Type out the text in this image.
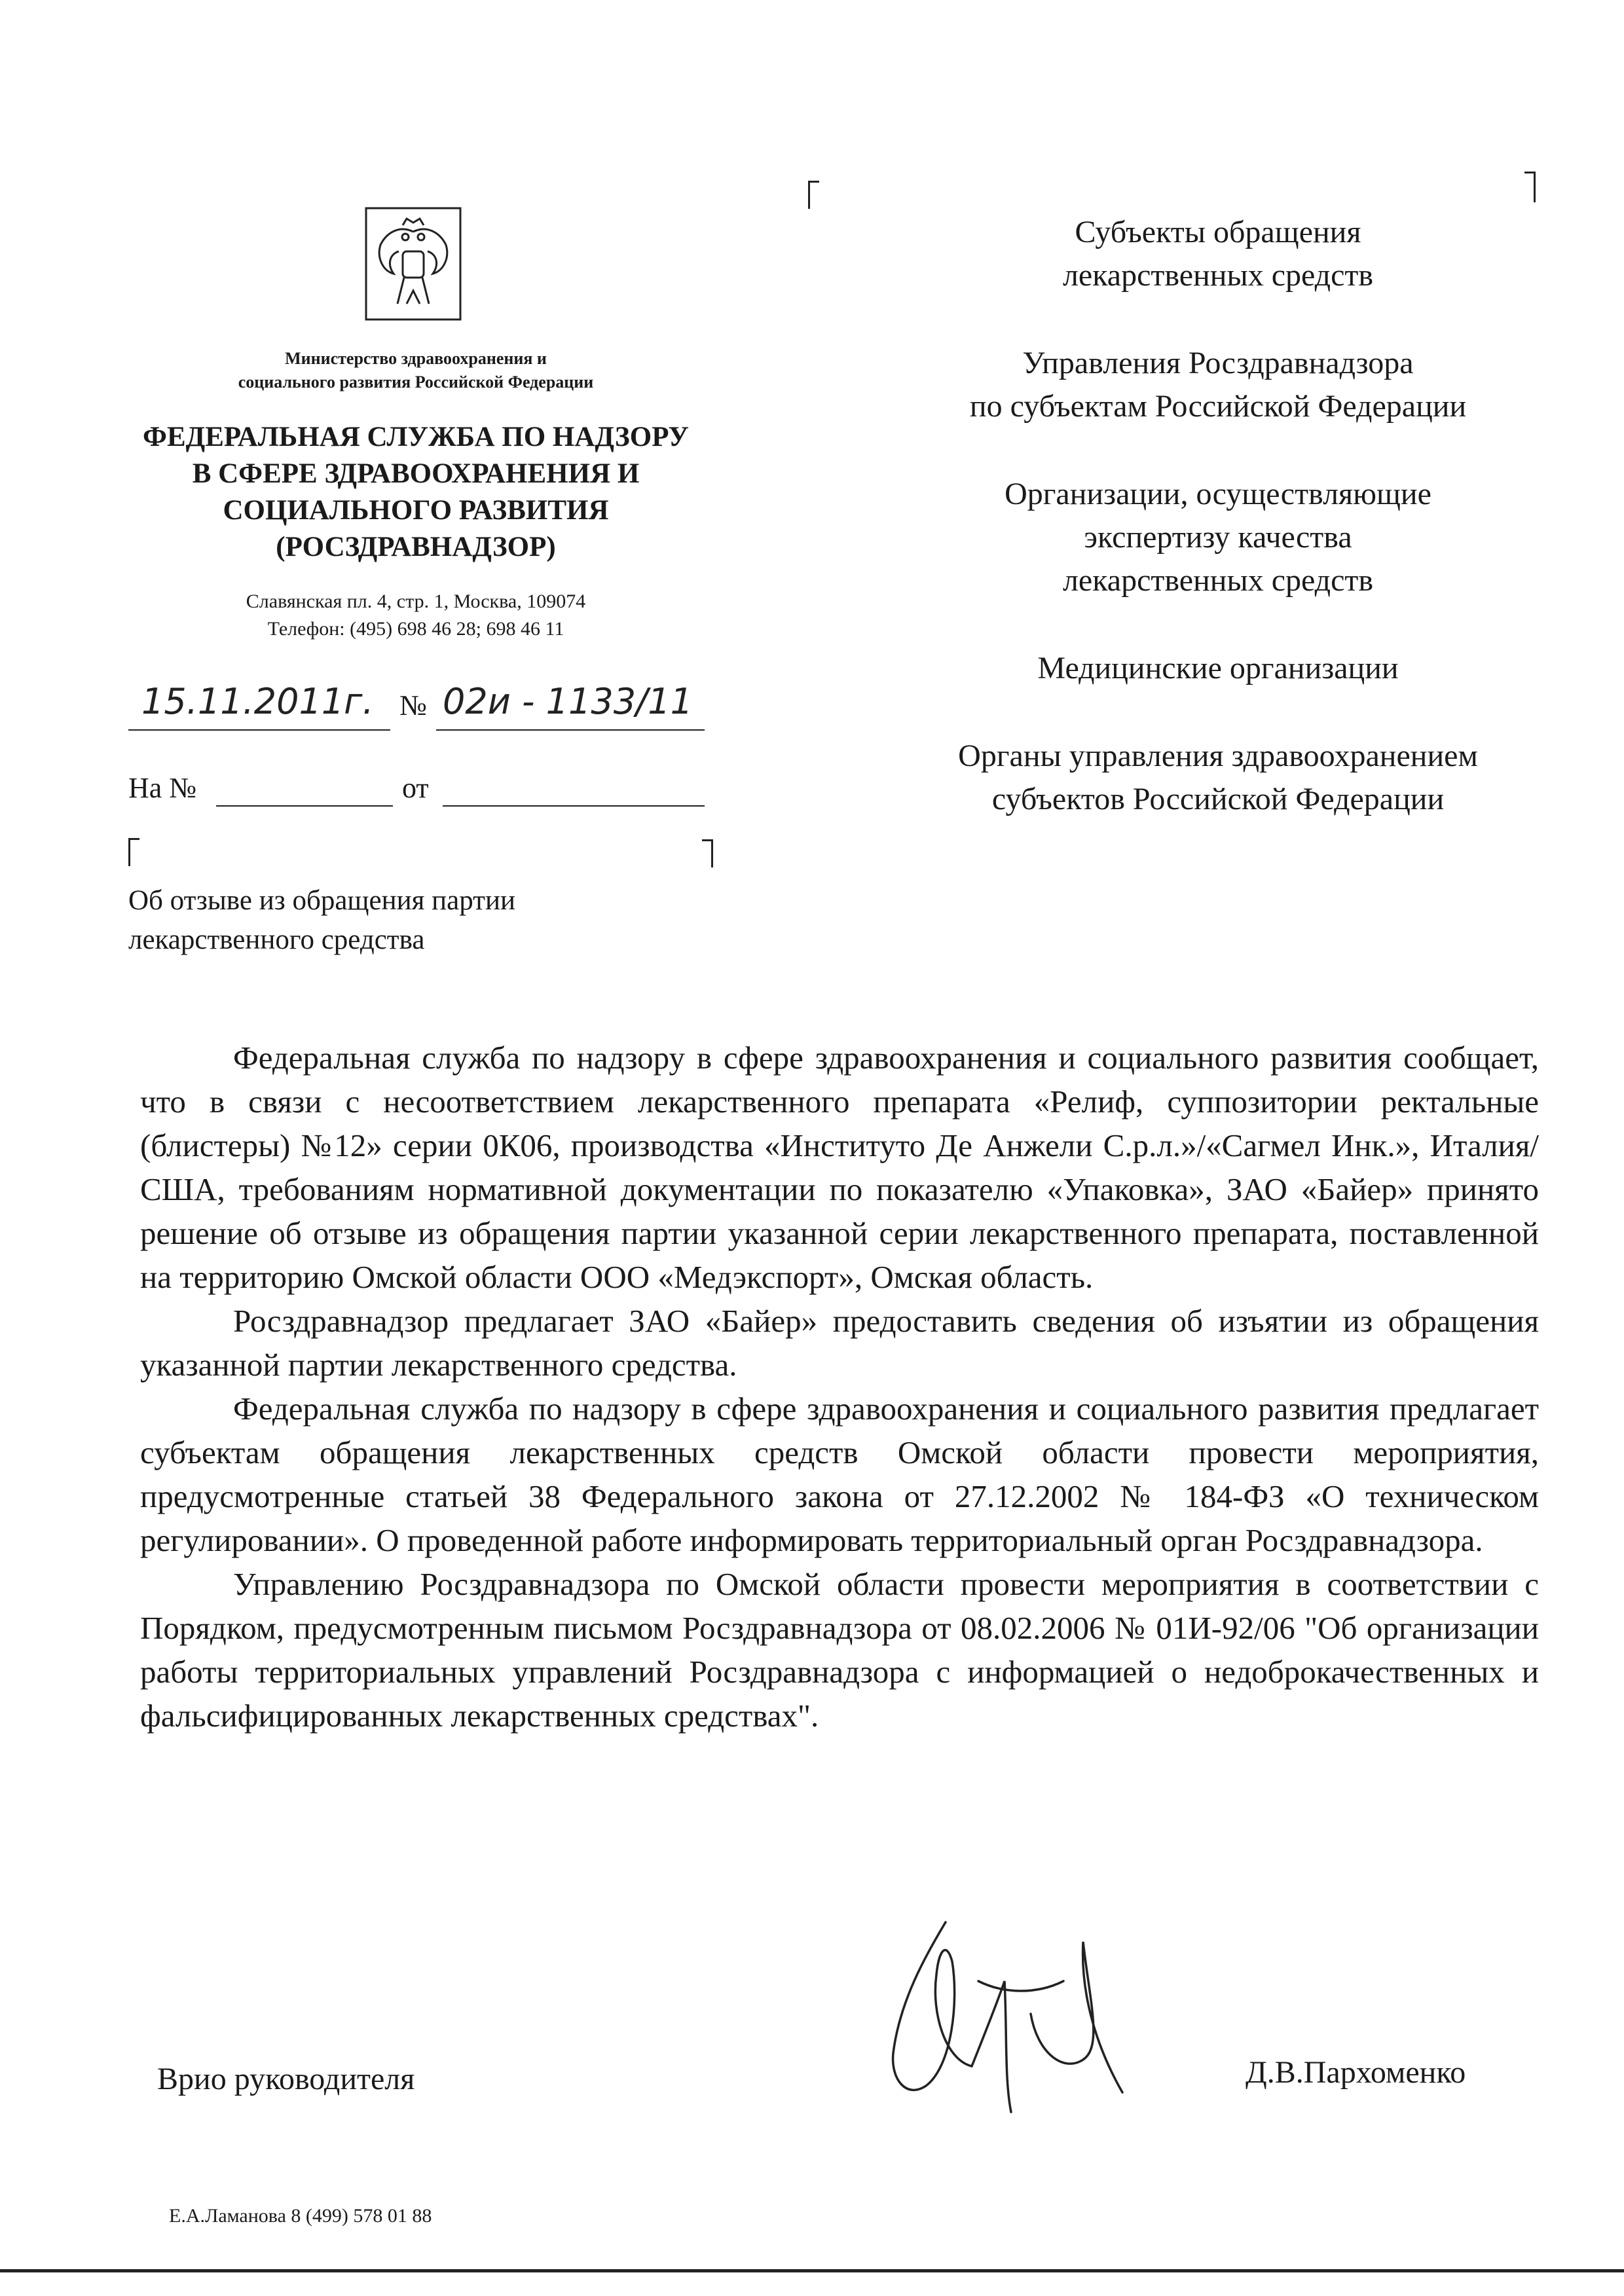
Министерство здравоохранения и
социального развития Российской Федерации
ФЕДЕРАЛЬНАЯ СЛУЖБА ПО НАДЗОРУ
В СФЕРЕ ЗДРАВООХРАНЕНИЯ И
СОЦИАЛЬНОГО РАЗВИТИЯ
(РОСЗДРАВНАДЗОР)
Славянская пл. 4, стр. 1, Москва, 109074
Телефон: (495) 698 46 28; 698 46 11
15.11.2011г. № 02и - 1133/11
На №	от
Об отзыве из обращения партии
лекарственного средства
Субъекты обращения
лекарственных средств
Управления Росздравнадзора
по субъектам Российской Федерации
Организации, осуществляющие
экспертизу качества
лекарственных средств
Медицинские организации
Органы управления здравоохранением
субъектов Российской Федерации

Федеральная служба по надзору в сфере здравоохранения и социального развития сообщает, что в связи с несоответствием лекарственного препарата «Релиф, суппозитории ректальные (блистеры) №12» серии 0К06, производства «Институто Де Анжели С.р.л.»/«Сагмел Инк.», Италия/США, требованиям нормативной документации по показателю «Упаковка», ЗАО «Байер» принято решение об отзыве из обращения партии указанной серии лекарственного препарата, поставленной на территорию Омской области ООО «Медэкспорт», Омская область.

Росздравнадзор предлагает ЗАО «Байер» предоставить сведения об изъятии из обращения указанной партии лекарственного средства.

Федеральная служба по надзору в сфере здравоохранения и социального развития предлагает субъектам обращения лекарственных средств Омской области провести мероприятия, предусмотренные статьей 38 Федерального закона от 27.12.2002 № 184-ФЗ «О техническом регулировании». О проведенной работе информировать территориальный орган Росздравнадзора.

Управлению Росздравнадзора по Омской области провести мероприятия в соответствии с Порядком, предусмотренным письмом Росздравнадзора от 08.02.2006 № 01И-92/06 "Об организации работы территориальных управлений Росздравнадзора с информацией о недоброкачественных и фальсифицированных лекарственных средствах".

Врио руководителя	Д.В.Пархоменко
Е.А.Ламанова 8 (499) 578 01 88
